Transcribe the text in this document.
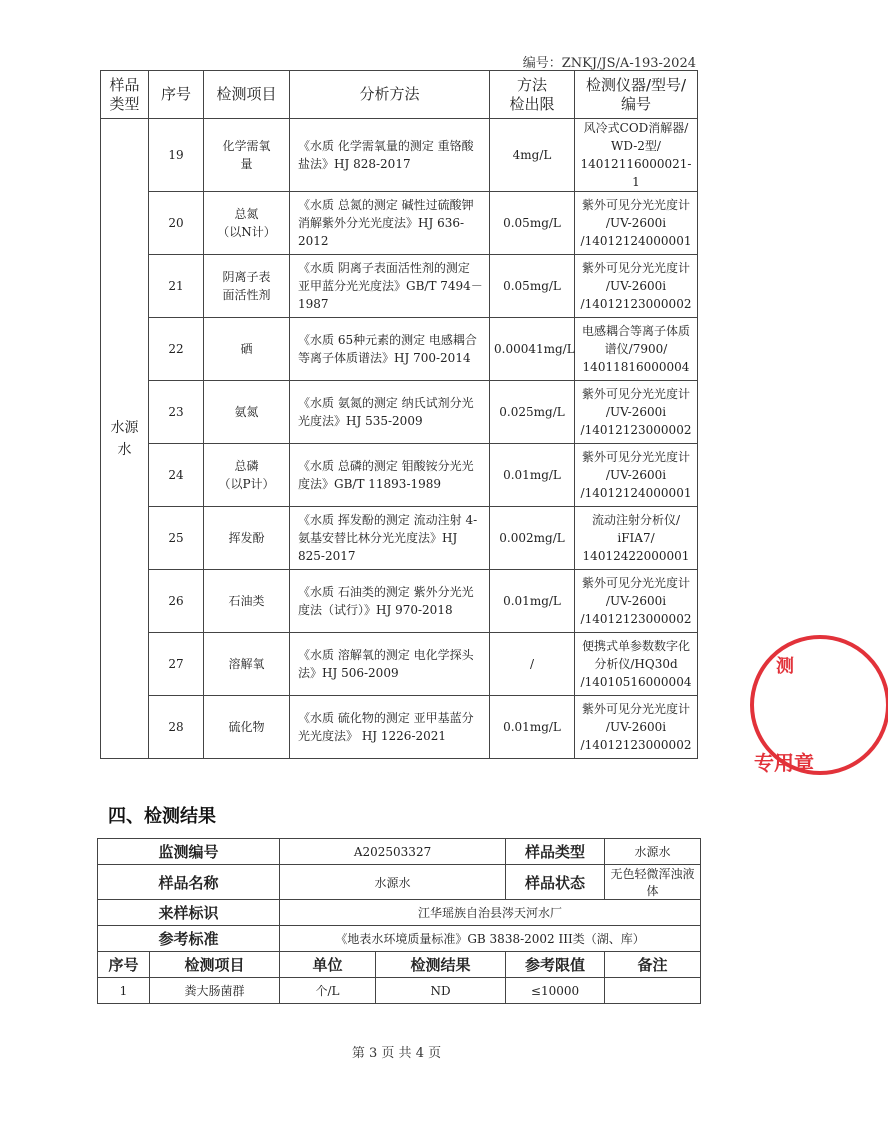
编号：ZNKJ/JS/A-193-2024
样品
类型	序号	检测项目	分析方法	方法
检出限	检测仪器/型号/
编号
水源
水	19	化学需氧
量	《水质 化学需氧量的测定 重铬酸盐法》HJ 828-2017	4mg/L	风冷式COD消解器/
WD-2型/
14012116000021-1
	20	总氮
（以N计）	《水质 总氮的测定 碱性过硫酸钾消解紫外分光光度法》HJ 636-2012	0.05mg/L	紫外可见分光光度计
/UV-2600i
/14012124000001
	21	阴离子表
面活性剂	《水质 阴离子表面活性剂的测定 亚甲蓝分光光度法》GB/T 7494－1987	0.05mg/L	紫外可见分光光度计
/UV-2600i
/14012123000002
	22	硒	《水质 65种元素的测定 电感耦合等离子体质谱法》HJ 700-2014	0.00041mg/L	电感耦合等离子体质
谱仪/7900/
14011816000004
	23	氨氮	《水质 氨氮的测定 纳氏试剂分光光度法》HJ 535-2009	0.025mg/L	紫外可见分光光度计
/UV-2600i
/14012123000002
	24	总磷
（以P计）	《水质 总磷的测定 钼酸铵分光光度法》GB/T 11893-1989	0.01mg/L	紫外可见分光光度计
/UV-2600i
/14012124000001
	25	挥发酚	《水质 挥发酚的测定 流动注射 4-氨基安替比林分光光度法》HJ 825-2017	0.002mg/L	流动注射分析仪/
iFIA7/
14012422000001
	26	石油类	《水质 石油类的测定 紫外分光光度法（试行）》HJ 970-2018	0.01mg/L	紫外可见分光光度计
/UV-2600i
/14012123000002
	27	溶解氧	《水质 溶解氧的测定 电化学探头法》HJ 506-2009	/	便携式单参数数字化
分析仪/HQ30d
/14010516000004
	28	硫化物	《水质 硫化物的测定 亚甲基蓝分光光度法》 HJ 1226-2021	0.01mg/L	紫外可见分光光度计
/UV-2600i
/14012123000002
四、检测结果
监测编号		A202503327		样品类型	水源水
样品名称		水源水		样品状态	无色轻微浑浊液体
来样标识		江华瑶族自治县涔天河水厂			
参考标准		《地表水环境质量标准》GB 3838-2002 III类（湖、库）			
序号	检测项目	单位	检测结果	参考限值	备注
1	粪大肠菌群	个/L	ND	≤10000	
第 3 页 共 4 页
测
专用章
